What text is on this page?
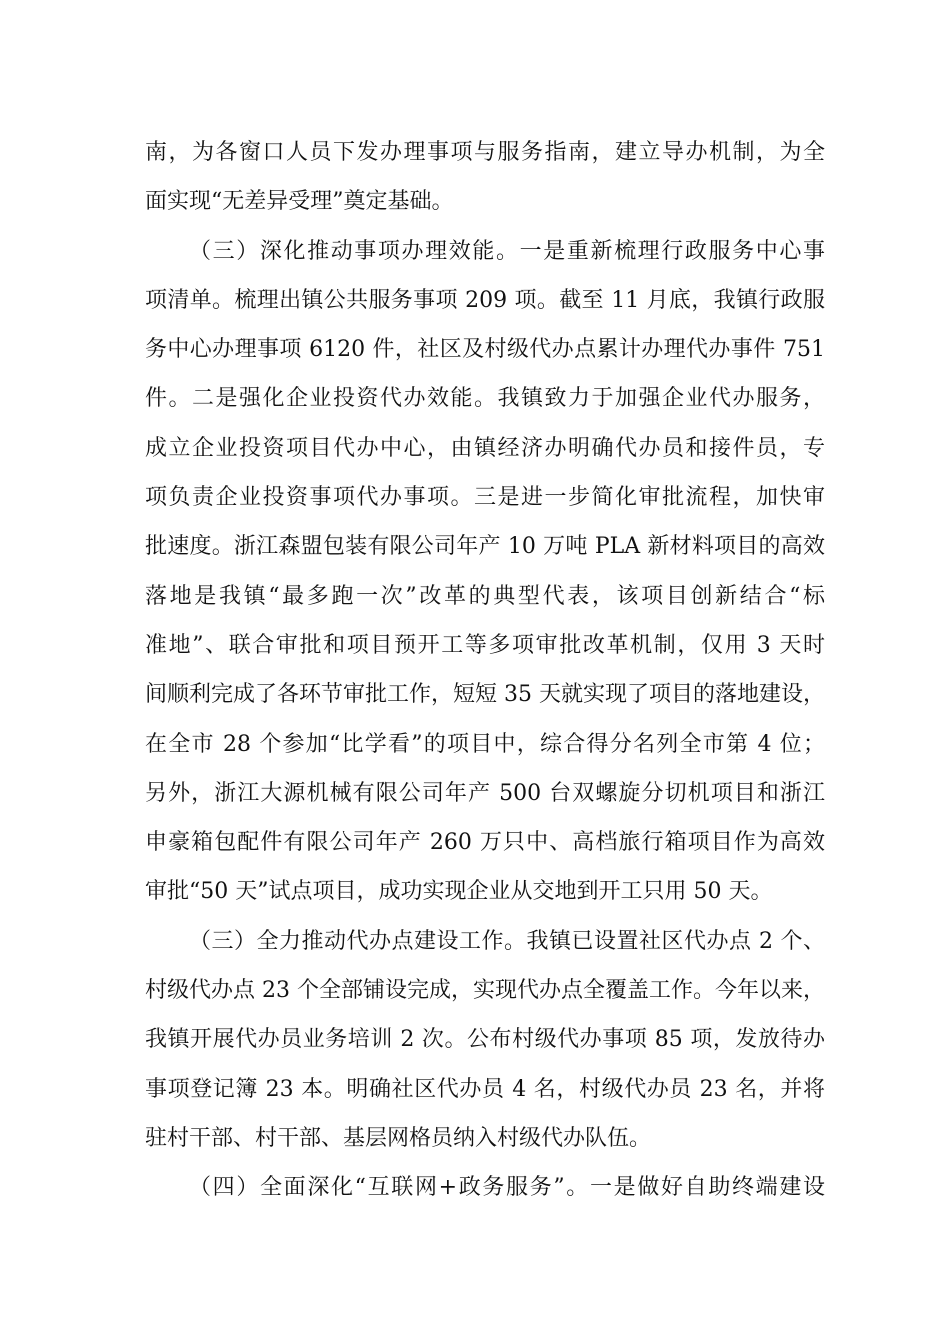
南，为各窗口人员下发办理事项与服务指南，建立导办机制，为全
面实现“无差异受理”奠定基础。
（三）深化推动事项办理效能。一是重新梳理行政服务中心事
项清单。梳理出镇公共服务事项 209 项。截至 11 月底，我镇行政服
务中心办理事项 6120 件，社区及村级代办点累计办理代办事件 751
件。二是强化企业投资代办效能。我镇致力于加强企业代办服务，
成立企业投资项目代办中心，由镇经济办明确代办员和接件员，专
项负责企业投资事项代办事项。三是进一步简化审批流程，加快审
批速度。浙江森盟包装有限公司年产 10 万吨 PLA 新材料项目的高效
落地是我镇“最多跑一次”改革的典型代表，该项目创新结合“标
准地”、联合审批和项目预开工等多项审批改革机制，仅用 3 天时
间顺利完成了各环节审批工作，短短 35 天就实现了项目的落地建设，
在全市 28 个参加“比学看”的项目中，综合得分名列全市第 4 位；
另外，浙江大源机械有限公司年产 500 台双螺旋分切机项目和浙江
申豪箱包配件有限公司年产 260 万只中、高档旅行箱项目作为高效
审批“50 天”试点项目，成功实现企业从交地到开工只用 50 天。
（三）全力推动代办点建设工作。我镇已设置社区代办点 2 个、
村级代办点 23 个全部铺设完成，实现代办点全覆盖工作。今年以来，
我镇开展代办员业务培训 2 次。公布村级代办事项 85 项，发放待办
事项登记簿 23 本。明确社区代办员 4 名，村级代办员 23 名，并将
驻村干部、村干部、基层网格员纳入村级代办队伍。
（四）全面深化“互联网+政务服务”。一是做好自助终端建设
